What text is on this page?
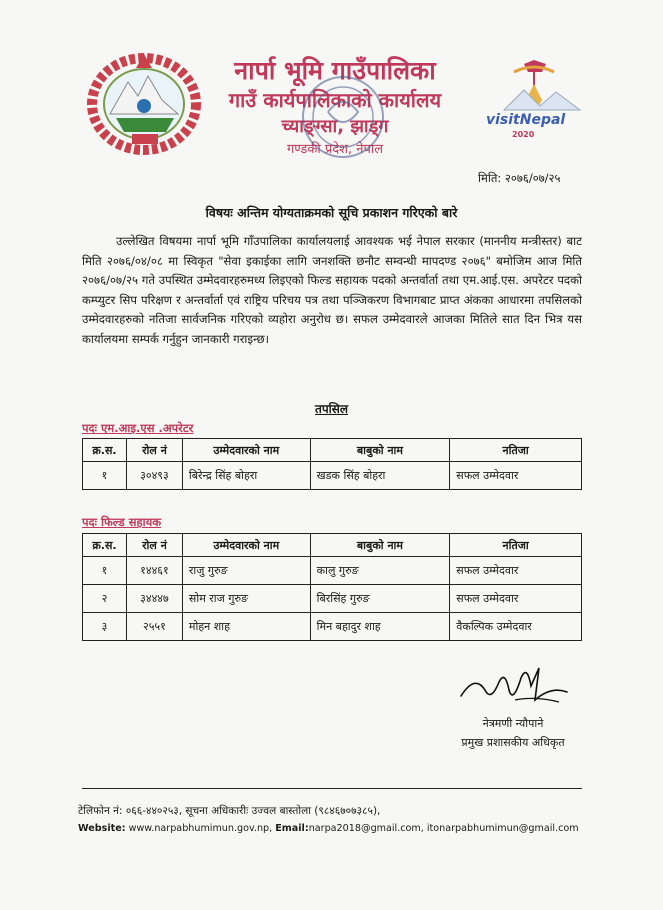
नार्पा भूमि गाउँपालिका
गाउँ कार्यपालिकाको कार्यालय
च्याङ्ग्सा, झाड्ग
गण्डकी प्रदेश, नेपाल
visitNepal
2020
मिति: २०७६/०७/२५
विषयः अन्तिम योग्यताक्रमको सूचि प्रकाशन गरिएको बारे
उल्लेखित विषयमा नार्पा भूमि गाँउपालिका कार्यालयलाई आवश्यक भई नेपाल सरकार (माननीय मन्त्रीस्तर) बाट मिति २०७६/०४/०८ मा स्विकृत "सेवा इकाईका लागि जनशक्ति छनौट सम्वन्धी मापदण्ड २०७६" बमोजिम आज मिति २०७६/०७/२५ गते उपस्थित उम्मेदवारहरुमध्य लिइएको फिल्ड सहायक पदको अन्तर्वार्ता तथा एम.आई.एस. अपरेटर पदको कम्प्युटर सिप परिक्षण र अन्तर्वार्ता एवं राष्ट्रिय परिचय पत्र तथा पञ्जिकरण विभागबाट प्राप्त अंकका आधारमा तपसिलको उम्मेदवारहरुको नतिजा सार्वजनिक गरिएको व्यहोरा अनुरोध छ। सफल उम्मेदवारले आजका मितिले सात दिन भित्र यस कार्यालयमा सम्पर्क गर्नुहुन जानकारी गराइन्छ।
तपसिल
पदः एम.आइ.एस .अपरेटर
क्र.स.	रोल नं	उम्मेदवारको नाम	बाबुको नाम	नतिजा
१	३०४९३	बिरेन्द्र सिंह बोहरा	खडक सिंह बोहरा	सफल उम्मेदवार
पदः फिल्ड सहायक
क्र.स.	रोल नं	उम्मेदवारको नाम	बाबुको नाम	नतिजा
१	१४४६१	राजु गुरुङ	कालु गुरुङ	सफल उम्मेदवार
२	३४४४७	सोम राज गुरुङ	बिरसिंह गुरुङ	सफल उम्मेदवार
३	२५५१	मोहन शाह	मिन बहादुर शाह	वैकल्पिक उम्मेदवार
नेत्रमणी न्यौपाने
प्रमुख प्रशासकीय अधिकृत
टेलिफोन नं: ०६६-४४०२५३, सूचना अधिकारीः उज्वल बास्तोला (९८४६७०७३८५),
Website: www.narpabhumimun.gov.np, Email:narpa2018@gmail.com, itonarpabhumimun@gmail.com
